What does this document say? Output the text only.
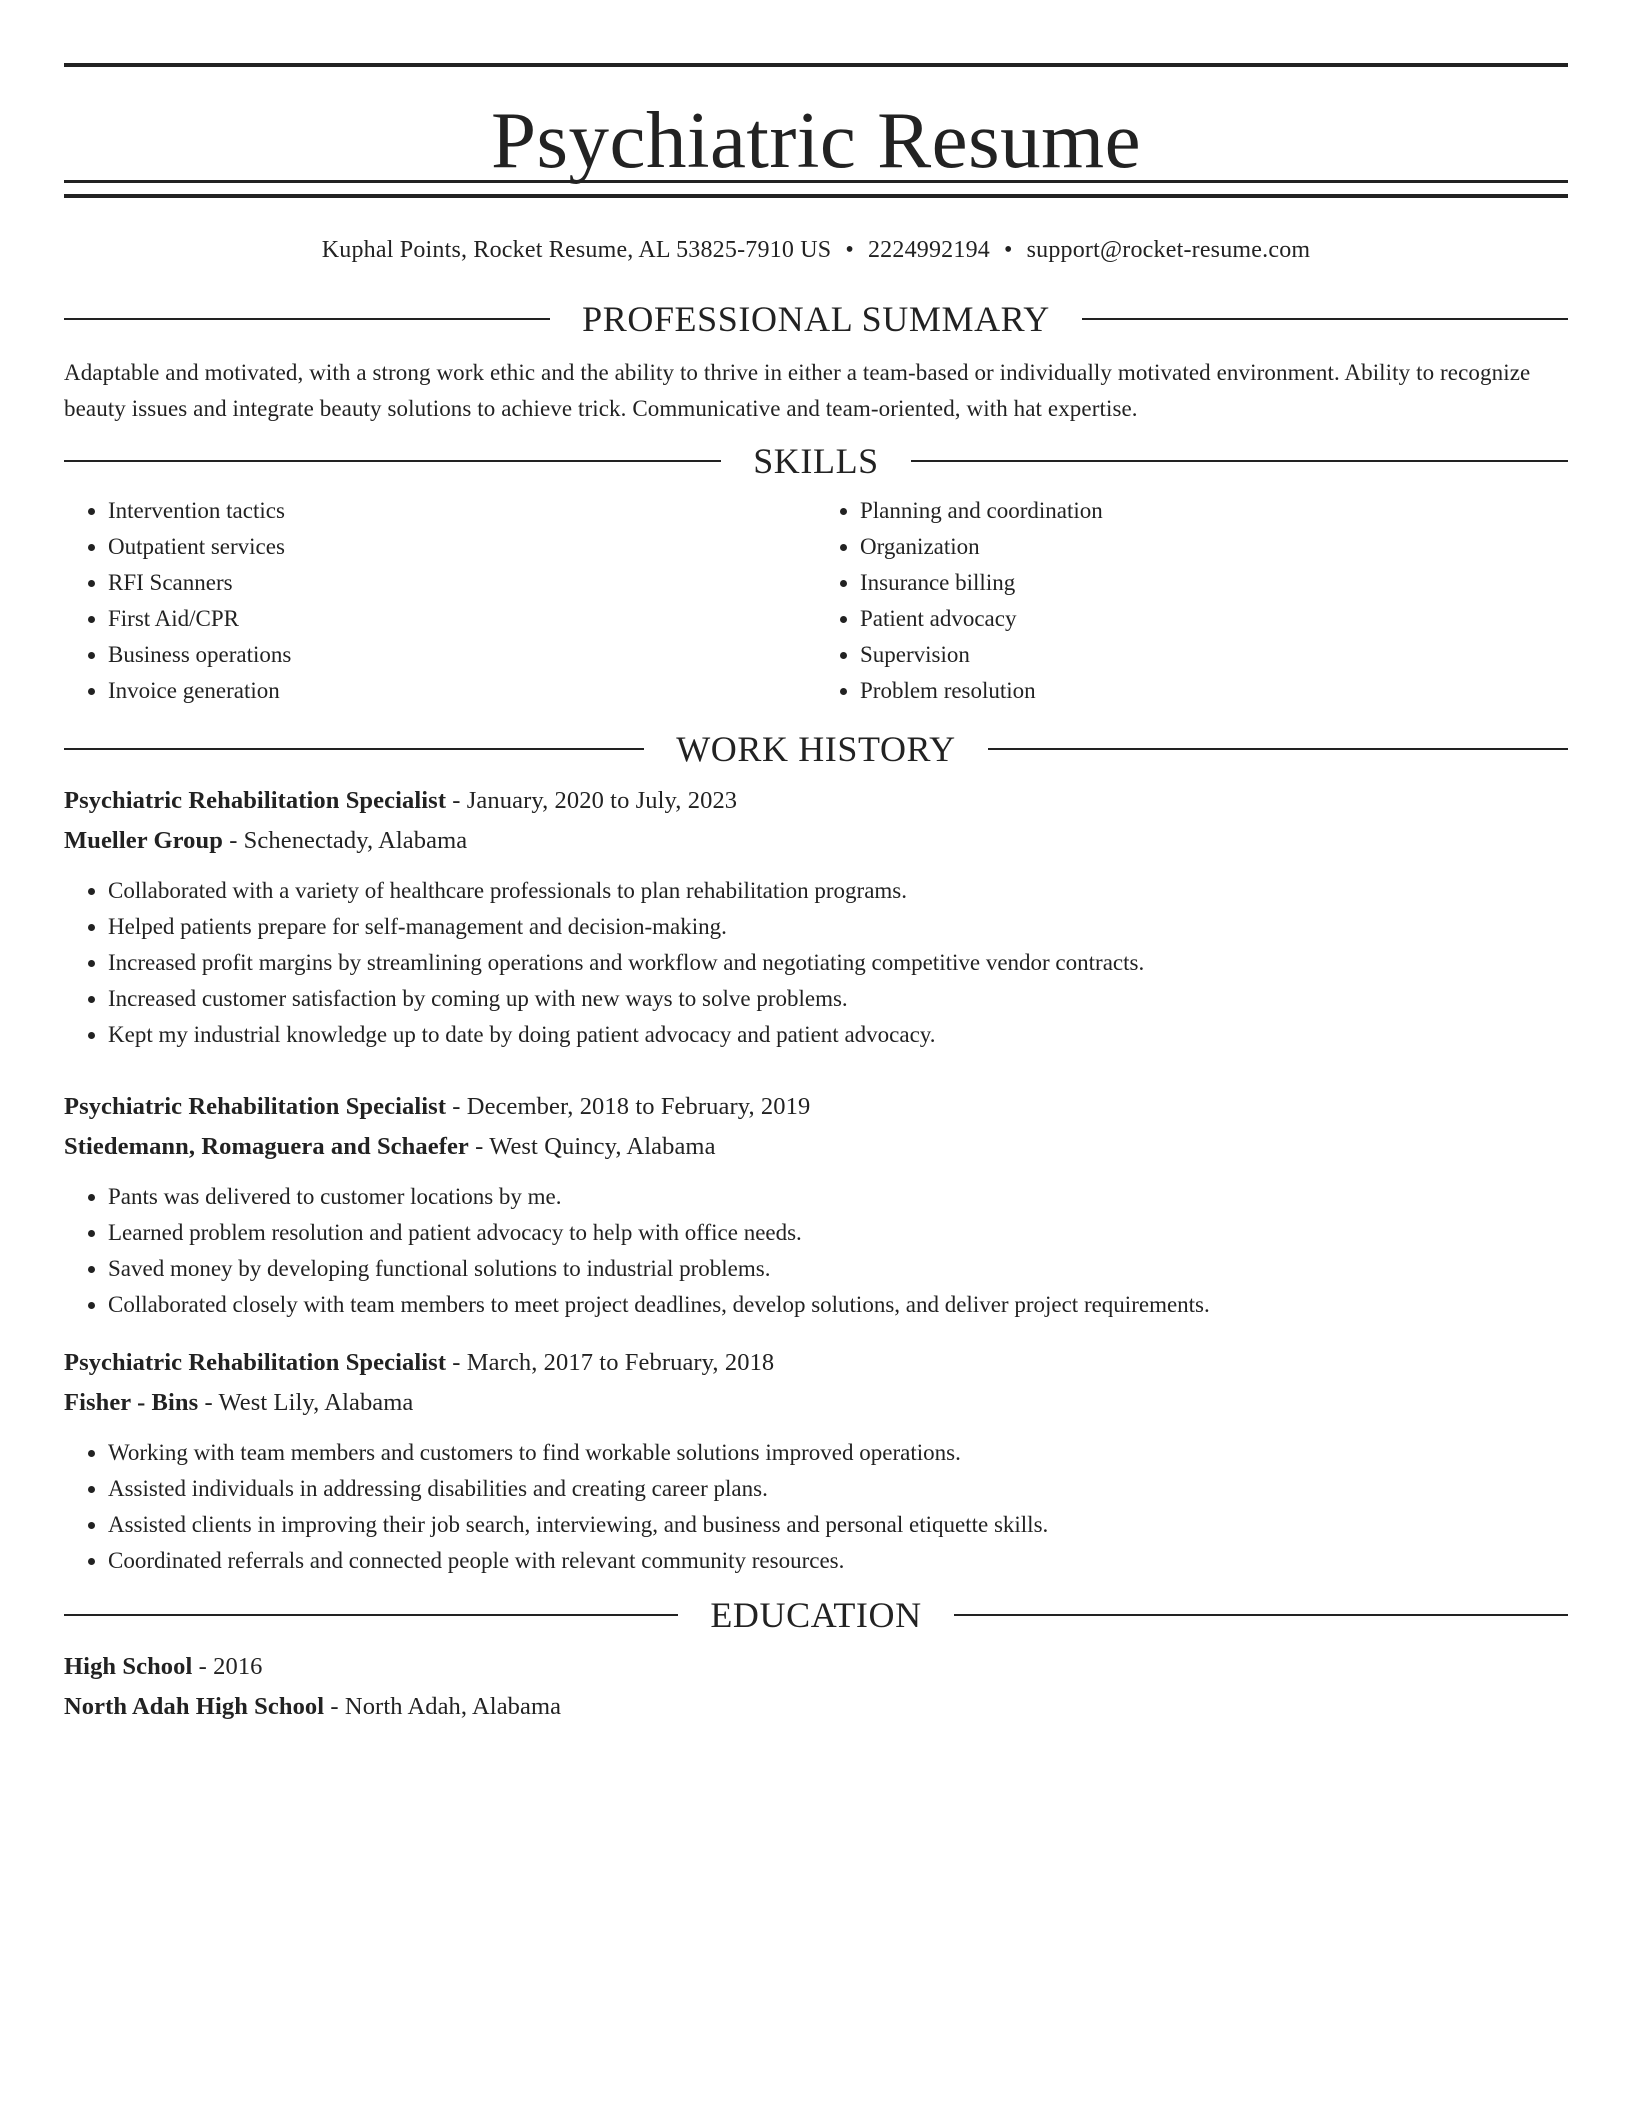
Psychiatric Resume
Kuphal Points, Rocket Resume, AL 53825-7910 US • 2224992194 • support@rocket-resume.com
PROFESSIONAL SUMMARY

Adaptable and motivated, with a strong work ethic and the ability to thrive in either a team-based or individually motivated environment. Ability to recognize beauty issues and integrate beauty solutions to achieve trick. Communicative and team-oriented, with hat expertise.

SKILLS
• Intervention tactics
• Outpatient services
• RFI Scanners
• First Aid/CPR
• Business operations
• Invoice generation
• Planning and coordination
• Organization
• Insurance billing
• Patient advocacy
• Supervision
• Problem resolution
WORK HISTORY
Psychiatric Rehabilitation Specialist - January, 2020 to July, 2023
Mueller Group - Schenectady, Alabama
• Collaborated with a variety of healthcare professionals to plan rehabilitation programs.
• Helped patients prepare for self-management and decision-making.
• Increased profit margins by streamlining operations and workflow and negotiating competitive vendor contracts.
• Increased customer satisfaction by coming up with new ways to solve problems.
• Kept my industrial knowledge up to date by doing patient advocacy and patient advocacy.
Psychiatric Rehabilitation Specialist - December, 2018 to February, 2019
Stiedemann, Romaguera and Schaefer - West Quincy, Alabama
• Pants was delivered to customer locations by me.
• Learned problem resolution and patient advocacy to help with office needs.
• Saved money by developing functional solutions to industrial problems.
• Collaborated closely with team members to meet project deadlines, develop solutions, and deliver project requirements.
Psychiatric Rehabilitation Specialist - March, 2017 to February, 2018
Fisher - Bins - West Lily, Alabama
• Working with team members and customers to find workable solutions improved operations.
• Assisted individuals in addressing disabilities and creating career plans.
• Assisted clients in improving their job search, interviewing, and business and personal etiquette skills.
• Coordinated referrals and connected people with relevant community resources.
EDUCATION
High School - 2016
North Adah High School - North Adah, Alabama
